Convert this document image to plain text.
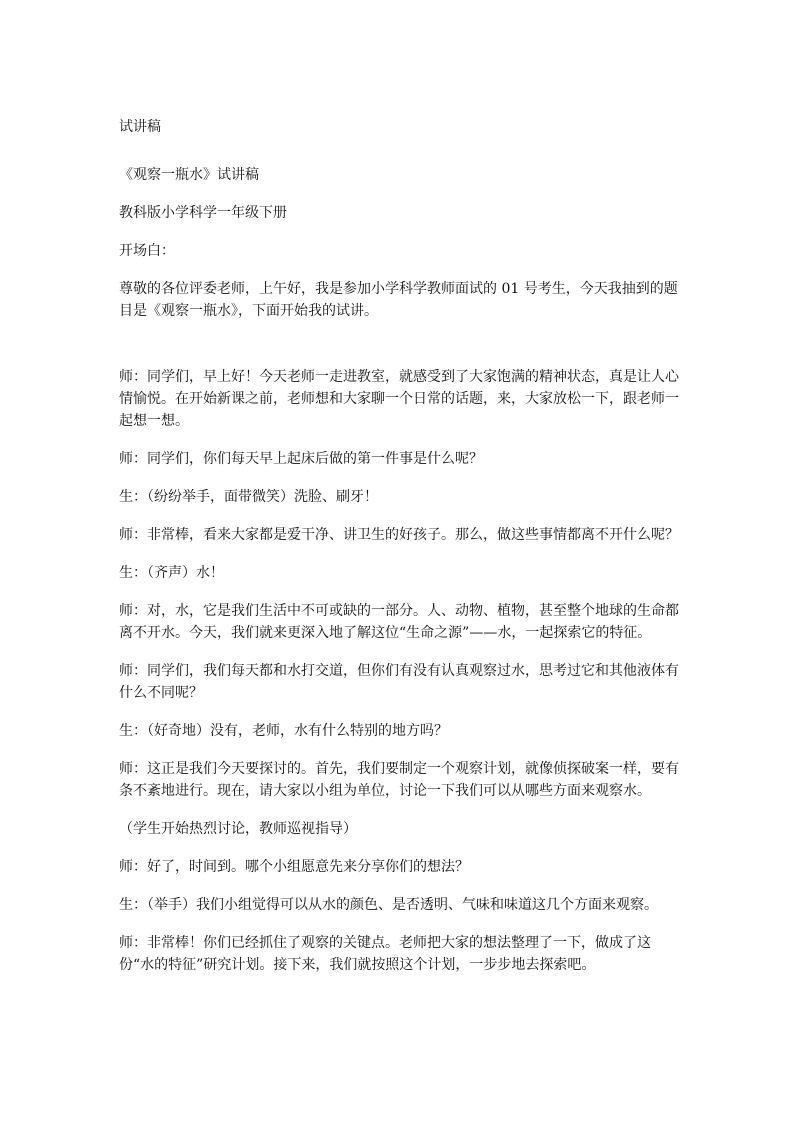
试讲稿

《观察一瓶水》试讲稿

教科版小学科学一年级下册

开场白：

尊敬的各位评委老师，上午好，我是参加小学科学教师面试的 01 号考生，今天我抽到的题目是《观察一瓶水》，下面开始我的试讲。

师：同学们，早上好！今天老师一走进教室，就感受到了大家饱满的精神状态，真是让人心情愉悦。在开始新课之前，老师想和大家聊一个日常的话题，来，大家放松一下，跟老师一起想一想。

师：同学们，你们每天早上起床后做的第一件事是什么呢？

生：（纷纷举手，面带微笑）洗脸、刷牙！

师：非常棒，看来大家都是爱干净、讲卫生的好孩子。那么，做这些事情都离不开什么呢？

生：（齐声）水！

师：对，水，它是我们生活中不可或缺的一部分。人、动物、植物，甚至整个地球的生命都离不开水。今天，我们就来更深入地了解这位“生命之源”——水，一起探索它的特征。

师：同学们，我们每天都和水打交道，但你们有没有认真观察过水，思考过它和其他液体有什么不同呢？

生：（好奇地）没有，老师，水有什么特别的地方吗？

师：这正是我们今天要探讨的。首先，我们要制定一个观察计划，就像侦探破案一样，要有条不紊地进行。现在，请大家以小组为单位，讨论一下我们可以从哪些方面来观察水。

（学生开始热烈讨论，教师巡视指导）

师：好了，时间到。哪个小组愿意先来分享你们的想法？

生：（举手）我们小组觉得可以从水的颜色、是否透明、气味和味道这几个方面来观察。

师：非常棒！你们已经抓住了观察的关键点。老师把大家的想法整理了一下，做成了这份“水的特征”研究计划。接下来，我们就按照这个计划，一步步地去探索吧。
